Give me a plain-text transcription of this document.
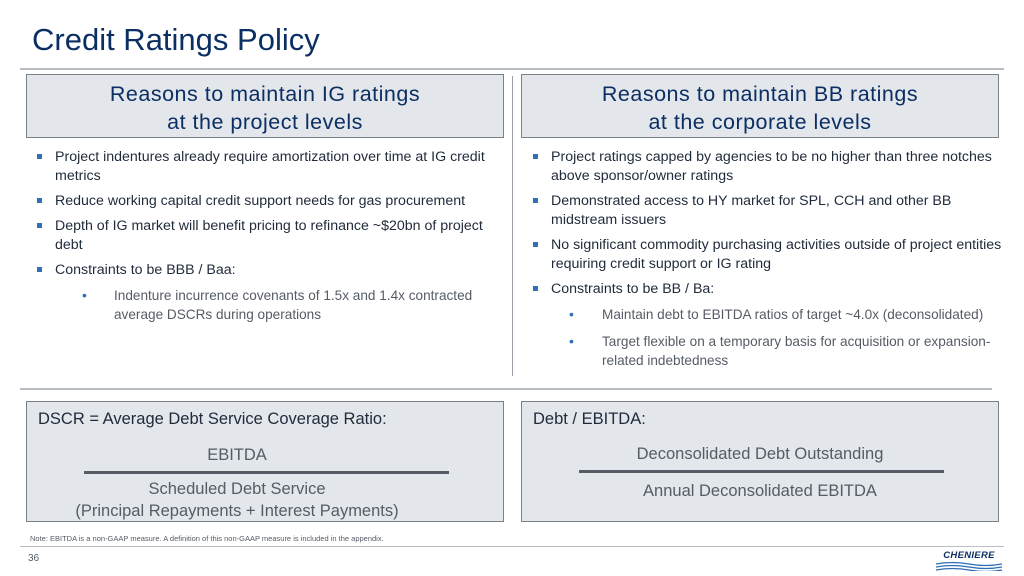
Credit Ratings Policy
Reasons to maintain IG ratings
at the project levels
Reasons to maintain BB ratings
at the corporate levels
Project indentures already require amortization over time at IG credit metrics
Reduce working capital credit support needs for gas procurement
Depth of IG market will benefit pricing to refinance ~$20bn of project debt
Constraints to be BBB / Baa:
• Indenture incurrence covenants of 1.5x and 1.4x contracted average DSCRs during operations
Project ratings capped by agencies to be no higher than three notches above sponsor/owner ratings
Demonstrated access to HY market for SPL, CCH and other BB midstream issuers
No significant commodity purchasing activities outside of project entities requiring credit support or IG rating
Constraints to be BB / Ba:
• Maintain debt to EBITDA ratios of target ~4.0x (deconsolidated)
• Target flexible on a temporary basis for acquisition or expansion-related indebtedness
DSCR = Average Debt Service Coverage Ratio:
EBITDA
Scheduled Debt Service
(Principal Repayments + Interest Payments)
Debt / EBITDA:
Deconsolidated Debt Outstanding
Annual Deconsolidated EBITDA
Note: EBITDA is a non-GAAP measure. A definition of this non-GAAP measure is included in the appendix.
36	CHENIERE
